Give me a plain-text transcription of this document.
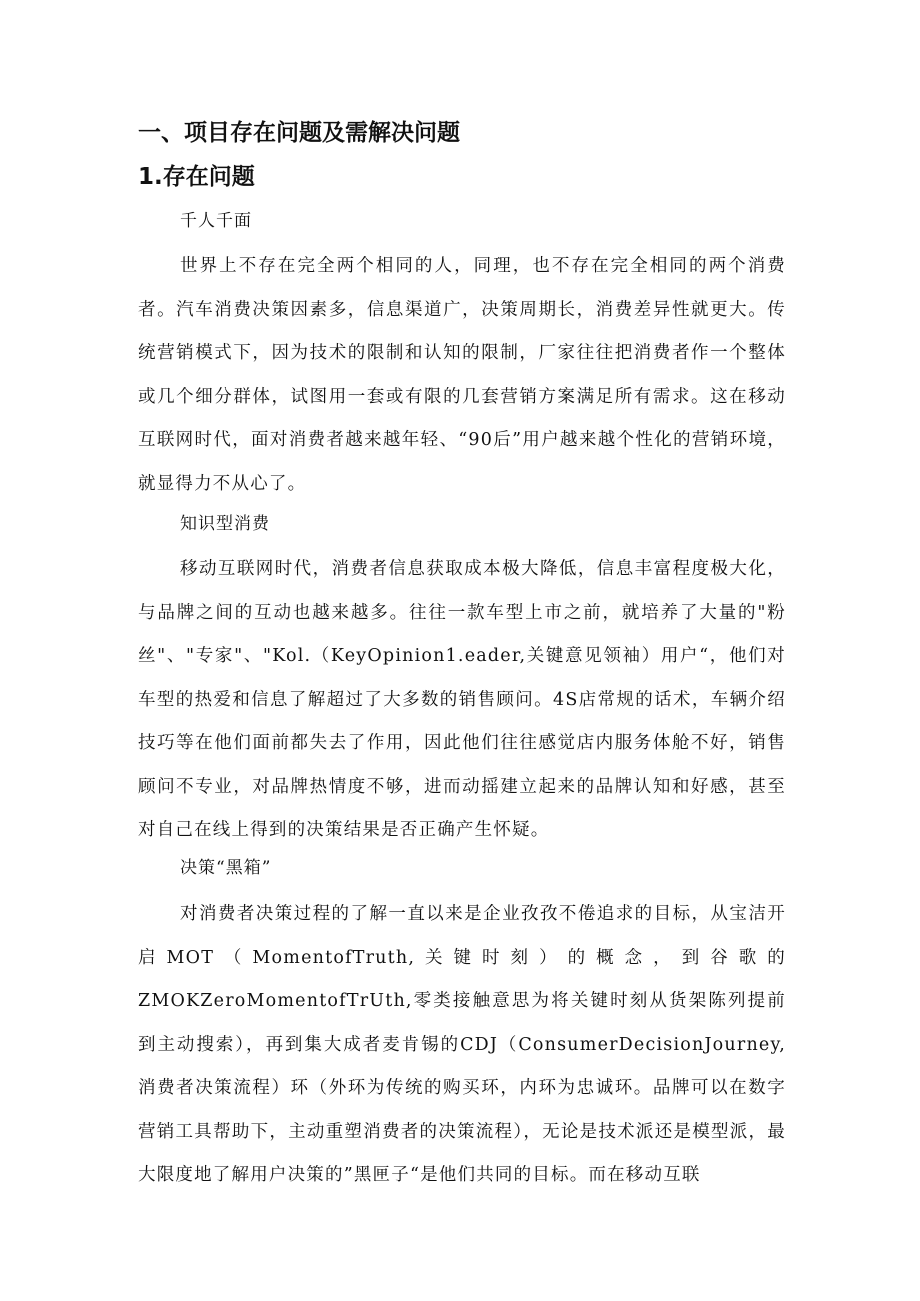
一、项目存在问题及需解决问题
1.存在问题
千人千面

世界上不存在完全两个相同的人，同理，也不存在完全相同的两个消费者。汽车消费决策因素多，信息渠道广，决策周期长，消费差异性就更大。传统营销模式下，因为技术的限制和认知的限制，厂家往往把消费者作一个整体或几个细分群体，试图用一套或有限的几套营销方案满足所有需求。这在移动互联网时代，面对消费者越来越年轻、“90后”用户越来越个性化的营销环境，就显得力不从心了。

知识型消费

移动互联网时代，消费者信息获取成本极大降低，信息丰富程度极大化，与品牌之间的互动也越来越多。往往一款车型上市之前，就培养了大量的"粉丝"、"专家"、"Kol.（KeyOpinion1.eader,关键意见领袖）用户“，他们对车型的热爱和信息了解超过了大多数的销售顾问。4S店常规的话术，车辆介绍技巧等在他们面前都失去了作用，因此他们往往感觉店内服务体舱不好，销售顾问不专业，对品牌热情度不够，进而动摇建立起来的品牌认知和好感，甚至对自己在线上得到的决策结果是否正确产生怀疑。

决策“黑箱”

对消费者决策过程的了解一直以来是企业孜孜不倦追求的目标，从宝洁开启MOT（MomentofTruth,关键时刻）的概念，到谷歌的ZMOKZeroMomentofTrUth,零类接触意思为将关键时刻从货架陈列提前到主动搜索），再到集大成者麦肯锡的CDJ（ConsumerDecisionJourney,消费者决策流程）环（外环为传统的购买环，内环为忠诚环。品牌可以在数字营销工具帮助下，主动重塑消费者的决策流程），无论是技术派还是模型派，最大限度地了解用户决策的”黑匣子“是他们共同的目标。而在移动互联
